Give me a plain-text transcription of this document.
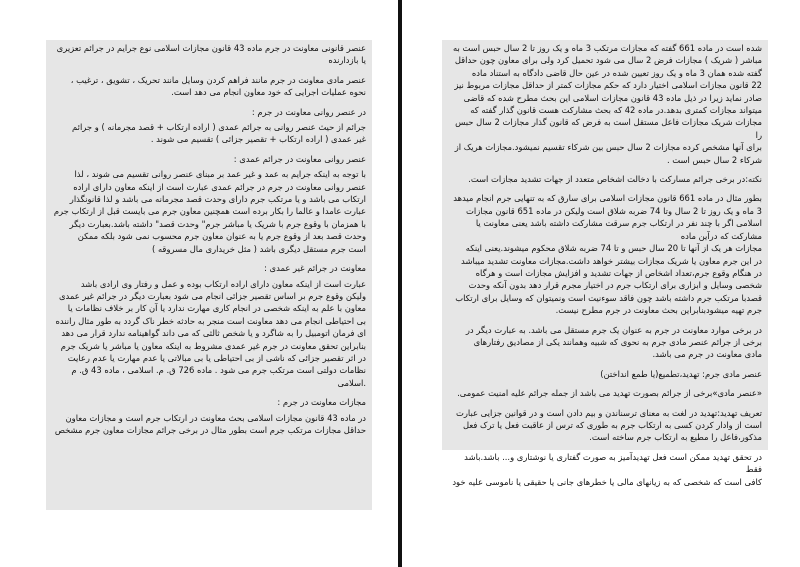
عنصر قانونی معاونت در جرم ماده 43 قانون مجازات اسلامی نوع جرایم در جرائم تعزیری
یا بازدارنده

عنصر مادی معاونت در جرم مانند فراهم کردن وسایل مانند تحریک ، تشویق ، ترغیب ،
نحوه عملیات اجرایی که خود معاون انجام می دهد است.

در عنصر روانی معاونت در جرم :

جرائم از حیث عنصر روانی به جرائم عمدی ( اراده ارتکاب + قصد مجرمانه ) و جرائم
غیر عمدی ( اراده ارتکاب + تقصیر جزائی ) تقسیم می شوند .

عنصر روانی معاونت در جرائم عمدی :

با توجه به اینکه جرایم به عمد و غیر عمد بر مبنای عنصر روانی تقسیم می شوند ، لذا
عنصر روانی معاونت در جرم در جرائم عمدی عبارت است از اینکه معاون دارای اراده
ارتکاب می باشد و یا مرتکب جرم دارای وحدت قصد مجرمانه می باشد و لذا قانونگذار
عبارت عامدا و عالما را بکار برده است همچنین معاون جرم می بایست قبل از ارتکاب جرم
با همزمان با وقوع جرم با شریک یا مباشر جرم" وحدت قصد" داشته باشد.بعبارت دیگر
وحدت قصد بعد از وقوع جرم یا به عنوان معاون جرم محسوب نمی شود بلکه ممکن
است جرم مستقل دیگری باشد ( مثل خریداری مال مسروقه )

معاونت در جرائم غیر عمدی :

عبارت است از اینکه معاون دارای اراده ارتکاب بوده و عمل و رفتار وی ارادی باشد
ولیکن وقوع جرم بر اساس تقصیر جزائی انجام می شود بعبارت دیگر در جرائم غیر عمدی
معاون با علم به اینکه شخصی در انجام کاری مهارت ندارد یا آن کار بر خلاف نظامات یا
بی احتیاطی انجام می دهد معاونت است منجر به حادثه خطر ناک گردد به طور مثال راننده
ای فرمان اتومبیل را به شاگرد و یا شخص ثالثی که می داند گواهینامه ندارد قرار می دهد
بنابراین تحقق معاونت در جرم غیر عمدی مشروط به اینکه معاون یا مباشر یا شریک جرم
در اثر تقصیر جزائی که ناشی از بی احتیاطی یا بی مبالاتی یا عدم مهارت یا عدم رعایت
نظامات دولتی است مرتکب جرم می شود . ماده 726 ق. م. اسلامی ، ماده 43 ق. م
.اسلامی

مجازات معاونت در جرم :

در ماده 43 قانون مجازات اسلامی بحث معاونت در ارتکاب جرم است و مجازات معاون
حداقل مجازات مرتکب جرم است بطور مثال در برخی جرائم مجازات معاون جرم مشخص

شده است در ماده 661 گفته که مجازات مرتکب 3 ماه و یک روز تا 2 سال حبس است به
مباشر ( شریک ) مجازات فرض 2 سال می شود تحمیل کرد ولی برای معاون چون حداقل
گفته شده همان 3 ماه و یک روز تعیین شده در عین حال قاضی دادگاه به استناد ماده
22 قانون مجازات اسلامی اختیار دارد که حکم مجازات کمتر از حداقل مجازات مربوط نیز
صادر نماید زیرا در ذیل ماده 43 قانون مجازات اسلامی این بحث مطرح شده که قاضی
میتواند مجازات کمتری بدهد.در ماده 42 که بحث مشارکت هست قانون گذار گفته که
مجازات شریک مجازات فاعل مستقل است به فرض که قانون گذار مجازات 2 سال حبس را
برای آنها مشخص کرده مجازات 2 سال حبس بین شرکاء تقسیم نمیشود.مجازات هریک از
شرکاء 2 سال حبس است .

نکته:در برخی جرائم مسارکت با دخالت اشخاص متعدد از جهات تشدید مجازات است.

بطور مثال در ماده 661 قانون مجازات اسلامی برای سارق که به تنهایی جرم انجام میدهد
3 ماه و یک روز تا 2 سال وتا 74 ضربه شلاق است ولیکن در ماده 651 قانون مجازات
اسلامی اگر با چند نفر در ارتکاب جرم سرقت مشارکت داشته باشد یعنی معاونت یا مشارکت که درآین ماده
مجازات هر یک از آنها تا 20 سال حبس و تا 74 ضربه شلاق محکوم میشوند.یعنی اینکه
در این جرم معاون یا شریک مجازات بیشتر خواهد داشت.مجازات معاونت تشدید میباشد
در هنگام وقوع جرم،تعداد اشخاص از جهات تشدید و افزایش مجازات است و هرگاه
شخصی وسایل و ابزاری برای ارتکاب جرم در اختیار مجرم قرار دهد بدون آنکه وحدت
قصدبا مرتکب جرم داشته باشد چون فاقد سوءنیت است ونمیتوان که وسایل برای ارتکاب
جرم تهیه میشودبنابراین بحث معاونت در جرم مطرح نیست.

در برخی موارد معاونت در جرم به عنوان یک جرم مستقل می باشد. به عبارت دیگر در
برخی از جرائم عنصر مادی جرم به نحوی که شبیه وهمانند یکی از مصادیق رفتارهای
مادی معاونت در جرم می باشد.

عنصر مادی جرم: تهدید،تطمیع(یا طمع انداختن)

«عنصر مادی»برخی از جرائم بصورت تهدید می باشد از جمله جرائم علیه امنیت عمومی.

تعریف تهدید:تهدید در لغت به معنای ترسناندن و بیم دادن است و در قوانین جزایی عبارت
است از وادار کردن کسی به ارتکاب جرم به طوری که ترس از عاقبت فعل یا ترک فعل
مذکور،فاعل را مطیع به ارتکاب جرم ساخته است.

در تحقق تهدید ممکن است فعل تهدیدآمیز به صورت گفتاری یا نوشتاری و... باشد.باشد فقط
کافی است که شخصی که به زیانهای مالی یا خطرهای جانی یا حقیقی یا ناموسی علیه خود
